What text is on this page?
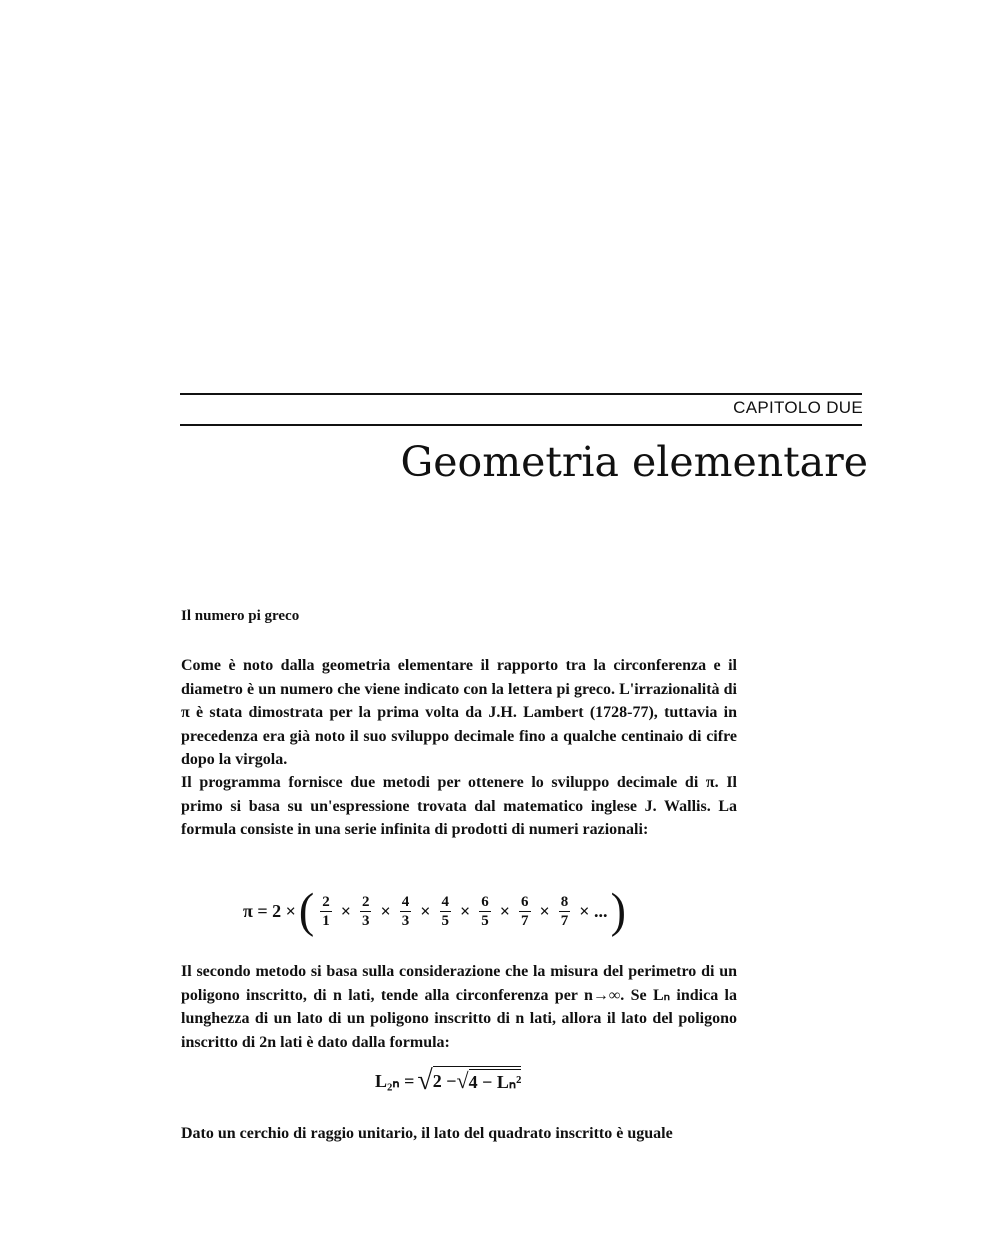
CAPITOLO DUE
Geometria elementare
Il numero pi greco

Come è noto dalla geometria elementare il rapporto tra la circonferenza e il diametro è un numero che viene indicato con la lettera pi greco. L'irrazionalità di π è stata dimostrata per la prima volta da J.H. Lambert (1728-77), tuttavia in precedenza era già noto il suo sviluppo decimale fino a qualche centinaio di cifre dopo la virgola.

Il programma fornisce due metodi per ottenere lo sviluppo decimale di π. Il primo si basa su un'espressione trovata dal matematico inglese J. Wallis. La formula consiste in una serie infinita di prodotti di numeri razionali:

π = 2 × ( $\frac{2}{1} \times \frac{2}{3} \times \frac{4}{3} \times \frac{4}{5} \times \frac{6}{5} \times \frac{6}{7} \times \frac{8}{7}$ × ... )

Il secondo metodo si basa sulla considerazione che la misura del perimetro di un poligono inscritto, di n lati, tende alla circonferenza per n→∞. Se Lₙ indica la lunghezza di un lato di un poligono inscritto di n lati, allora il lato del poligono inscritto di 2n lati è dato dalla formula:

L₂ₙ = √ 2 − √ 4 − Lₙ²

Dato un cerchio di raggio unitario, il lato del quadrato inscritto è uguale
